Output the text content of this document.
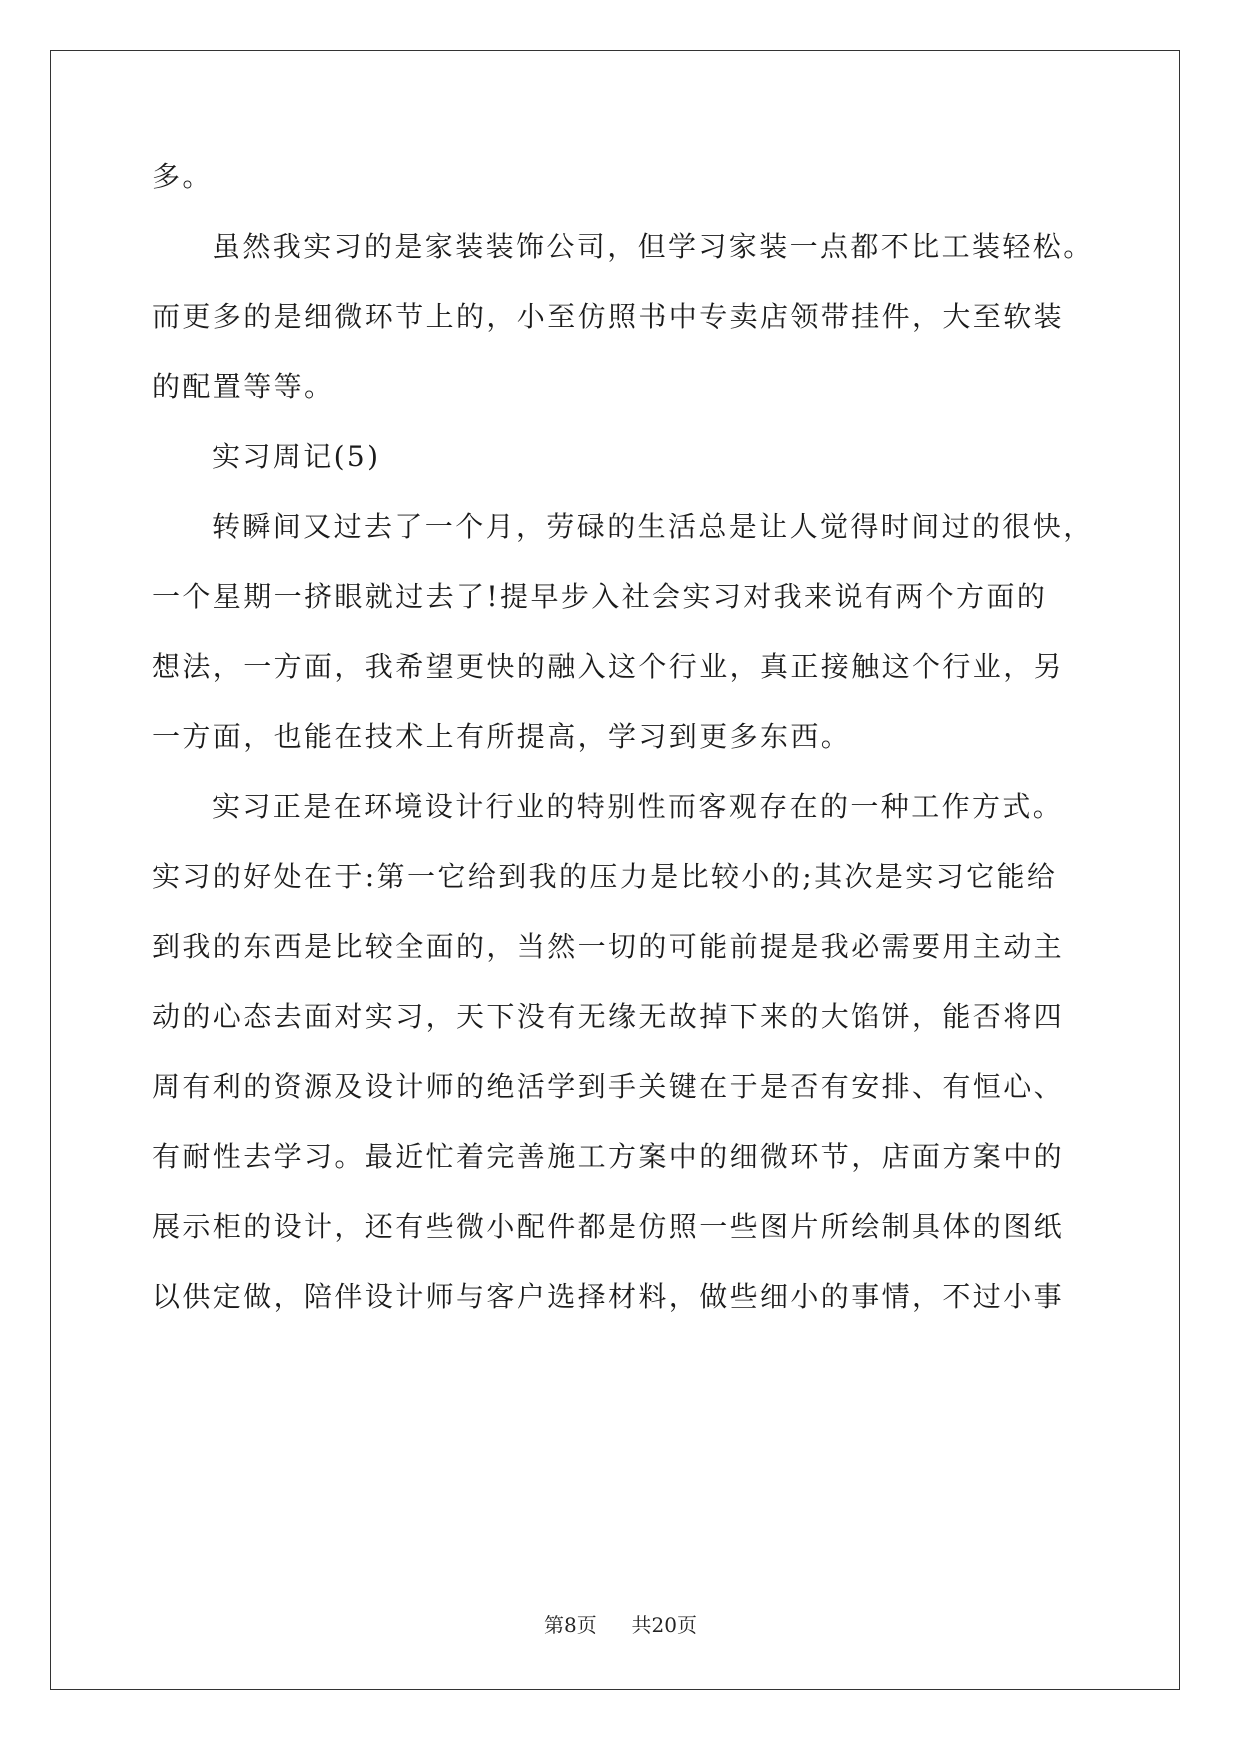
多。
虽然我实习的是家装装饰公司，但学习家装一点都不比工装轻松。
而更多的是细微环节上的，小至仿照书中专卖店领带挂件，大至软装
的配置等等。
实习周记(5)
转瞬间又过去了一个月，劳碌的生活总是让人觉得时间过的很快，
一个星期一挤眼就过去了!提早步入社会实习对我来说有两个方面的
想法，一方面，我希望更快的融入这个行业，真正接触这个行业，另
一方面，也能在技术上有所提高，学习到更多东西。
实习正是在环境设计行业的特别性而客观存在的一种工作方式。
实习的好处在于:第一它给到我的压力是比较小的;其次是实习它能给
到我的东西是比较全面的，当然一切的可能前提是我必需要用主动主
动的心态去面对实习，天下没有无缘无故掉下来的大馅饼，能否将四
周有利的资源及设计师的绝活学到手关键在于是否有安排、有恒心、
有耐性去学习。最近忙着完善施工方案中的细微环节，店面方案中的
展示柜的设计，还有些微小配件都是仿照一些图片所绘制具体的图纸
以供定做，陪伴设计师与客户选择材料，做些细小的事情，不过小事
第8页 共20页
